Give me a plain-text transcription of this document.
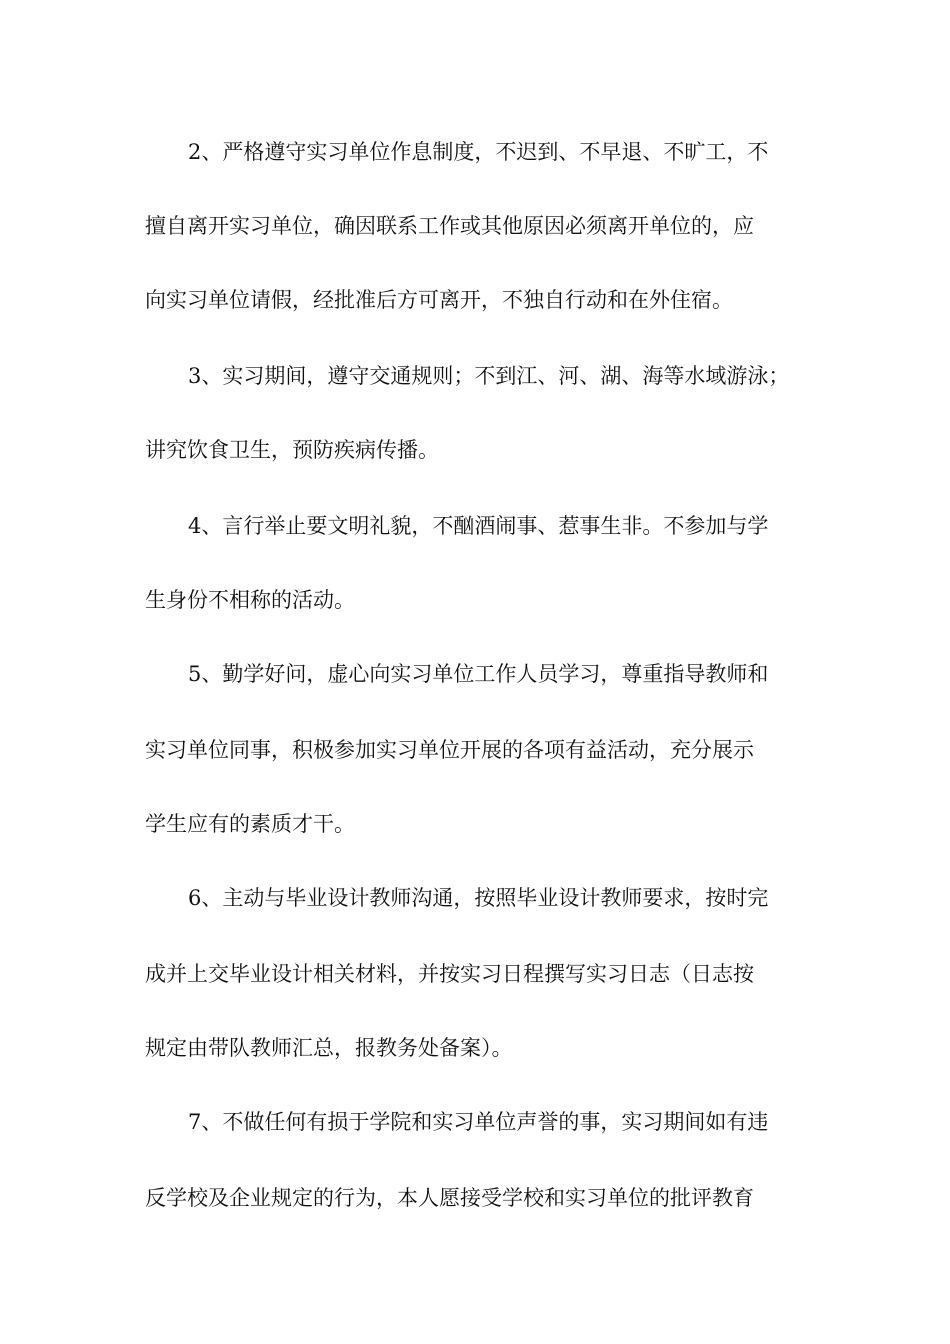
2、严格遵守实习单位作息制度，不迟到、不早退、不旷工，不
擅自离开实习单位，确因联系工作或其他原因必须离开单位的，应
向实习单位请假，经批准后方可离开，不独自行动和在外住宿。
3、实习期间，遵守交通规则；不到江、河、湖、海等水域游泳；
讲究饮食卫生，预防疾病传播。
4、言行举止要文明礼貌，不酗酒闹事、惹事生非。不参加与学
生身份不相称的活动。
5、勤学好问，虚心向实习单位工作人员学习，尊重指导教师和
实习单位同事，积极参加实习单位开展的各项有益活动，充分展示
学生应有的素质才干。
6、主动与毕业设计教师沟通，按照毕业设计教师要求，按时完
成并上交毕业设计相关材料，并按实习日程撰写实习日志（日志按
规定由带队教师汇总，报教务处备案）。
7、不做任何有损于学院和实习单位声誉的事，实习期间如有违
反学校及企业规定的行为，本人愿接受学校和实习单位的批评教育
